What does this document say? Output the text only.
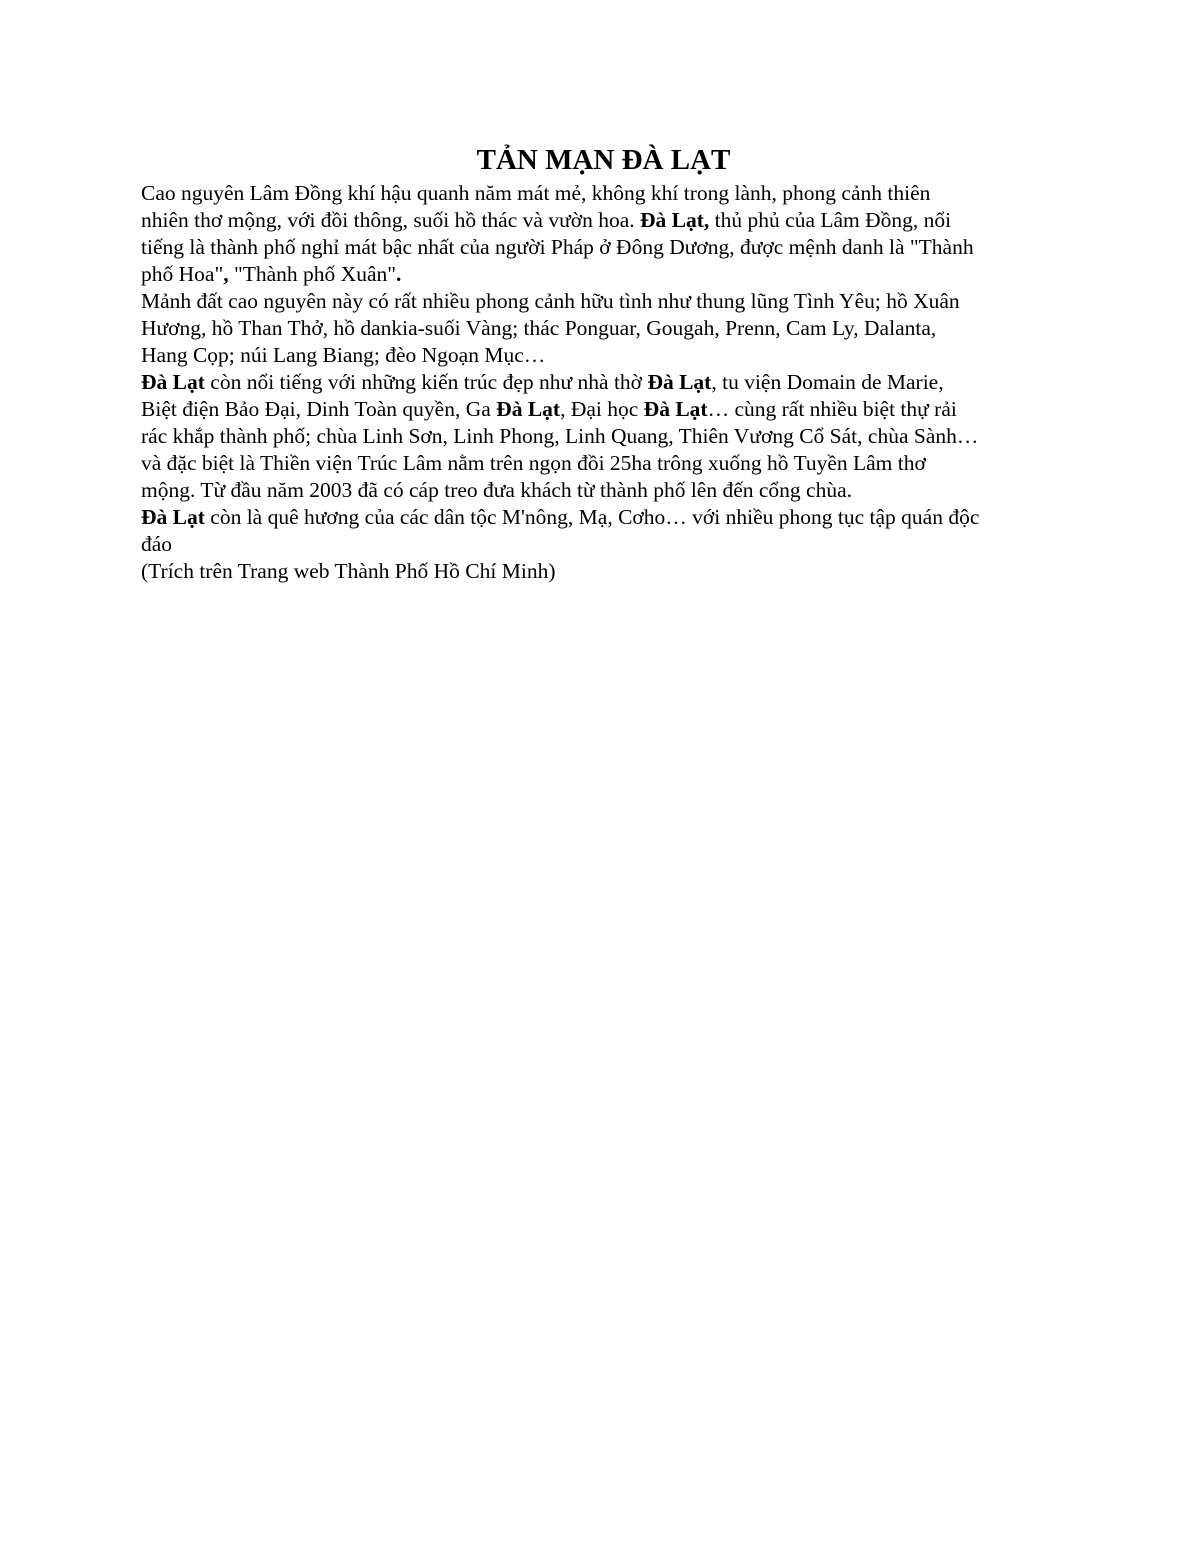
TẢN MẠN ĐÀ LẠT
Cao nguyên Lâm Đồng khí hậu quanh năm mát mẻ, không khí trong lành, phong cảnh thiên
nhiên thơ mộng, với đồi thông, suối hồ thác và vườn hoa. Đà Lạt, thủ phủ của Lâm Đồng, nổi
tiếng là thành phố nghỉ mát bậc nhất của người Pháp ở Đông Dương, được mệnh danh là "Thành
phố Hoa", "Thành phố Xuân".
Mảnh đất cao nguyên này có rất nhiều phong cảnh hữu tình như thung lũng Tình Yêu; hồ Xuân
Hương, hồ Than Thở, hồ dankia-suối Vàng; thác Ponguar, Gougah, Prenn, Cam Ly, Dalanta,
Hang Cọp; núi Lang Biang; đèo Ngoạn Mục…
Đà Lạt còn nổi tiếng với những kiến trúc đẹp như nhà thờ Đà Lạt, tu viện Domain de Marie,
Biệt điện Bảo Đại, Dinh Toàn quyền, Ga Đà Lạt, Đại học Đà Lạt… cùng rất nhiều biệt thự rải
rác khắp thành phố; chùa Linh Sơn, Linh Phong, Linh Quang, Thiên Vương Cổ Sát, chùa Sành…
và đặc biệt là Thiền viện Trúc Lâm nằm trên ngọn đồi 25ha trông xuống hồ Tuyền Lâm thơ
mộng. Từ đầu năm 2003 đã có cáp treo đưa khách từ thành phố lên đến cổng chùa.
Đà Lạt còn là quê hương của các dân tộc M'nông, Mạ, Cơho… với nhiều phong tục tập quán độc
đáo
(Trích trên Trang web Thành Phố Hồ Chí Minh)
